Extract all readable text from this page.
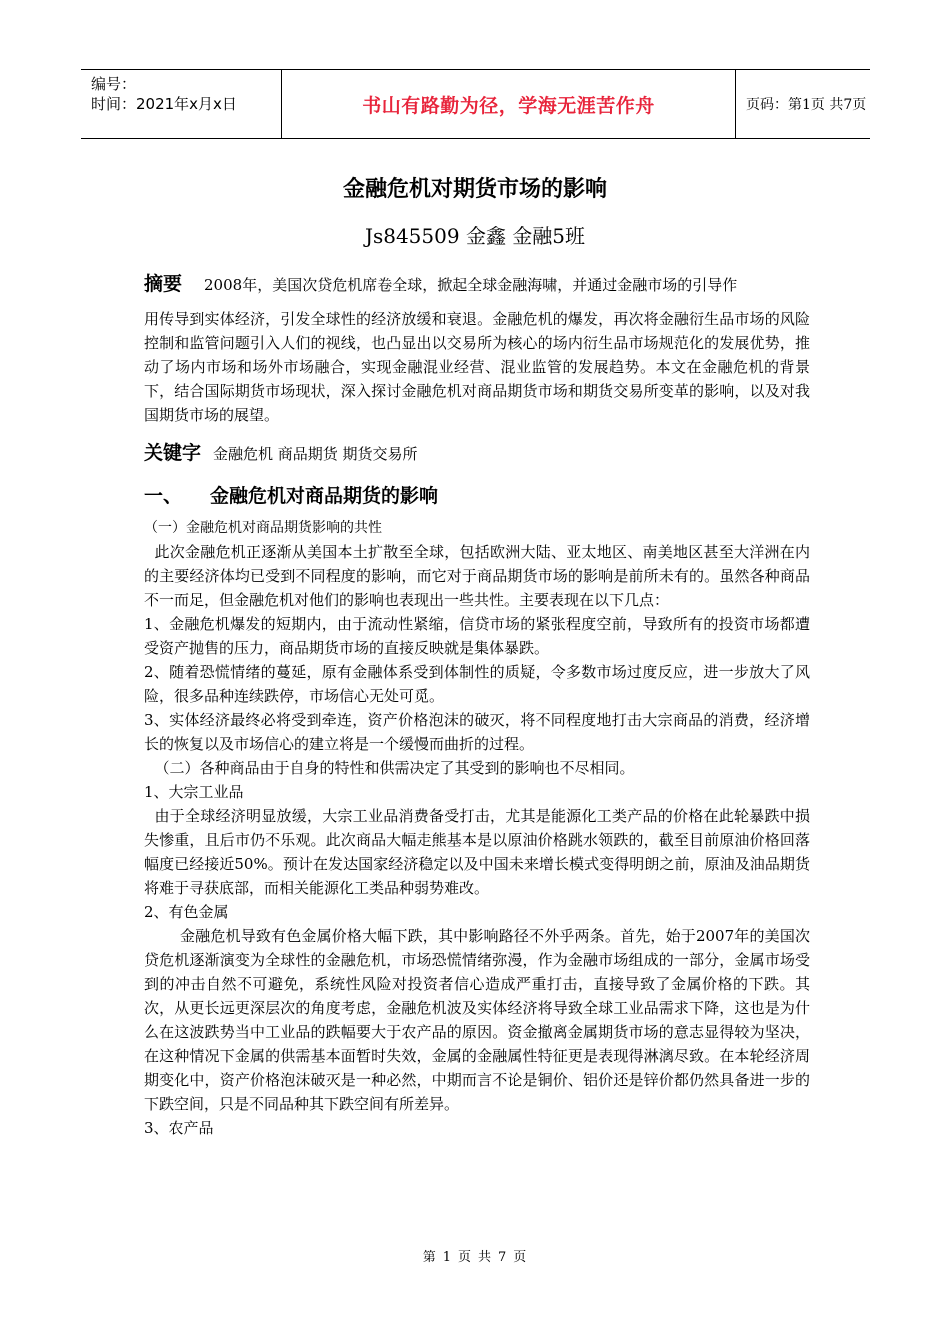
编号：
时间：2021年x月x日	书山有路勤为径，学海无涯苦作舟	页码：第1页 共7页
金融危机对期货市场的影响
Js845509 金鑫 金融5班

摘要 2008年，美国次贷危机席卷全球，掀起全球金融海啸，并通过金融市场的引导作

用传导到实体经济，引发全球性的经济放缓和衰退。金融危机的爆发，再次将金融衍生品市场的风险控制和监管问题引入人们的视线，也凸显出以交易所为核心的场内衍生品市场规范化的发展优势，推动了场内市场和场外市场融合，实现金融混业经营、混业监管的发展趋势。本文在金融危机的背景下，结合国际期货市场现状，深入探讨金融危机对商品期货市场和期货交易所变革的影响，以及对我国期货市场的展望。

关键字 金融危机 商品期货 期货交易所

一、 金融危机对商品期货的影响

（一）金融危机对商品期货影响的共性

此次金融危机正逐渐从美国本土扩散至全球，包括欧洲大陆、亚太地区、南美地区甚至大洋洲在内的主要经济体均已受到不同程度的影响，而它对于商品期货市场的影响是前所未有的。虽然各种商品不一而足，但金融危机对他们的影响也表现出一些共性。主要表现在以下几点：

1、金融危机爆发的短期内，由于流动性紧缩，信贷市场的紧张程度空前，导致所有的投资市场都遭受资产抛售的压力，商品期货市场的直接反映就是集体暴跌。

2、随着恐慌情绪的蔓延，原有金融体系受到体制性的质疑，令多数市场过度反应，进一步放大了风险，很多品种连续跌停，市场信心无处可觅。

3、实体经济最终必将受到牵连，资产价格泡沫的破灭，将不同程度地打击大宗商品的消费，经济增长的恢复以及市场信心的建立将是一个缓慢而曲折的过程。

（二）各种商品由于自身的特性和供需决定了其受到的影响也不尽相同。

1、大宗工业品

由于全球经济明显放缓，大宗工业品消费备受打击，尤其是能源化工类产品的价格在此轮暴跌中损失惨重，且后市仍不乐观。此次商品大幅走熊基本是以原油价格跳水领跌的，截至目前原油价格回落幅度已经接近50%。预计在发达国家经济稳定以及中国未来增长模式变得明朗之前，原油及油品期货将难于寻获底部，而相关能源化工类品种弱势难改。

2、有色金属

金融危机导致有色金属价格大幅下跌，其中影响路径不外乎两条。首先，始于2007年的美国次贷危机逐渐演变为全球性的金融危机，市场恐慌情绪弥漫，作为金融市场组成的一部分，金属市场受到的冲击自然不可避免，系统性风险对投资者信心造成严重打击，直接导致了金属价格的下跌。其次，从更长远更深层次的角度考虑，金融危机波及实体经济将导致全球工业品需求下降，这也是为什么在这波跌势当中工业品的跌幅要大于农产品的原因。资金撤离金属期货市场的意志显得较为坚决，在这种情况下金属的供需基本面暂时失效，金属的金融属性特征更是表现得淋漓尽致。在本轮经济周期变化中，资产价格泡沫破灭是一种必然，中期而言不论是铜价、铝价还是锌价都仍然具备进一步的下跌空间，只是不同品种其下跌空间有所差异。

3、农产品

第 1 页 共 7 页
